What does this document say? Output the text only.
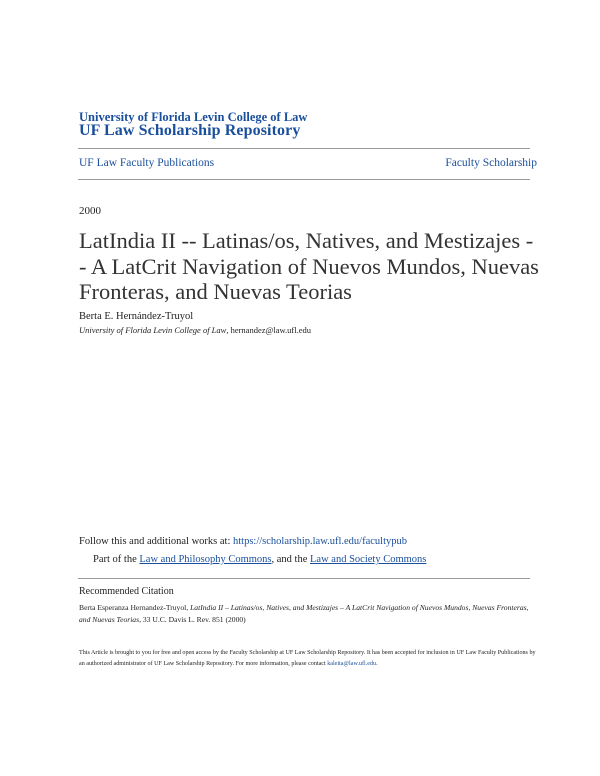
University of Florida Levin College of Law
UF Law Scholarship Repository
UF Law Faculty Publications	Faculty Scholarship
2000
LatIndia II -- Latinas/os, Natives, and Mestizajes -- A LatCrit Navigation of Nuevos Mundos, Nuevas Fronteras, and Nuevas Teorias
Berta E. Hernández-Truyol
University of Florida Levin College of Law, hernandez@law.ufl.edu
Follow this and additional works at: https://scholarship.law.ufl.edu/facultypub
Part of the Law and Philosophy Commons, and the Law and Society Commons
Recommended Citation
Berta Esperanza Hernandez-Truyol, LatIndia II – Latinas/os, Natives, and Mestizajes – A LatCrit Navigation of Nuevos Mundos, Nuevas Fronteras, and Nuevas Teorias, 33 U.C. Davis L. Rev. 851 (2000)
This Article is brought to you for free and open access by the Faculty Scholarship at UF Law Scholarship Repository. It has been accepted for inclusion in UF Law Faculty Publications by an authorized administrator of UF Law Scholarship Repository. For more information, please contact kaleita@law.ufl.edu.
